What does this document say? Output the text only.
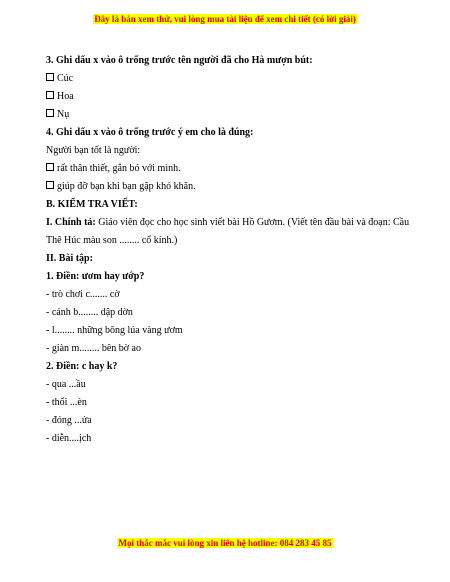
Đây là bản xem thử, vui lòng mua tài liệu để xem chi tiết (có lời giải)
3. Ghi dấu x vào ô trống trước tên người đã cho Hà mượn bút:
Cúc
Hoa
Nụ
4. Ghi dấu x vào ô trống trước ý em cho là đúng:
Người bạn tốt là người:
rất thân thiết, gắn bó với mình.
giúp đỡ bạn khi bạn gặp khó khăn.
B. KIỂM TRA VIẾT:
I. Chính tả: Giáo viên đọc cho học sinh viết bài Hồ Gươm. (Viết tên đầu bài và đoạn: Cầu Thê Húc màu son ........ cổ kính.)
II. Bài tập:
1. Điền: ươm hay ướp?
- trò chơi c....... cờ
- cánh b........ dập dờn
- l........ những bông lúa vàng ươm
- giàn m........ bên bờ ao
2. Điền: c hay k?
- qua ...ầu
- thổi ...èn
- đóng ...ửa
- diễn....ịch
Mọi thắc mắc vui lòng xin liên hệ hotline: 084 283 45 85
